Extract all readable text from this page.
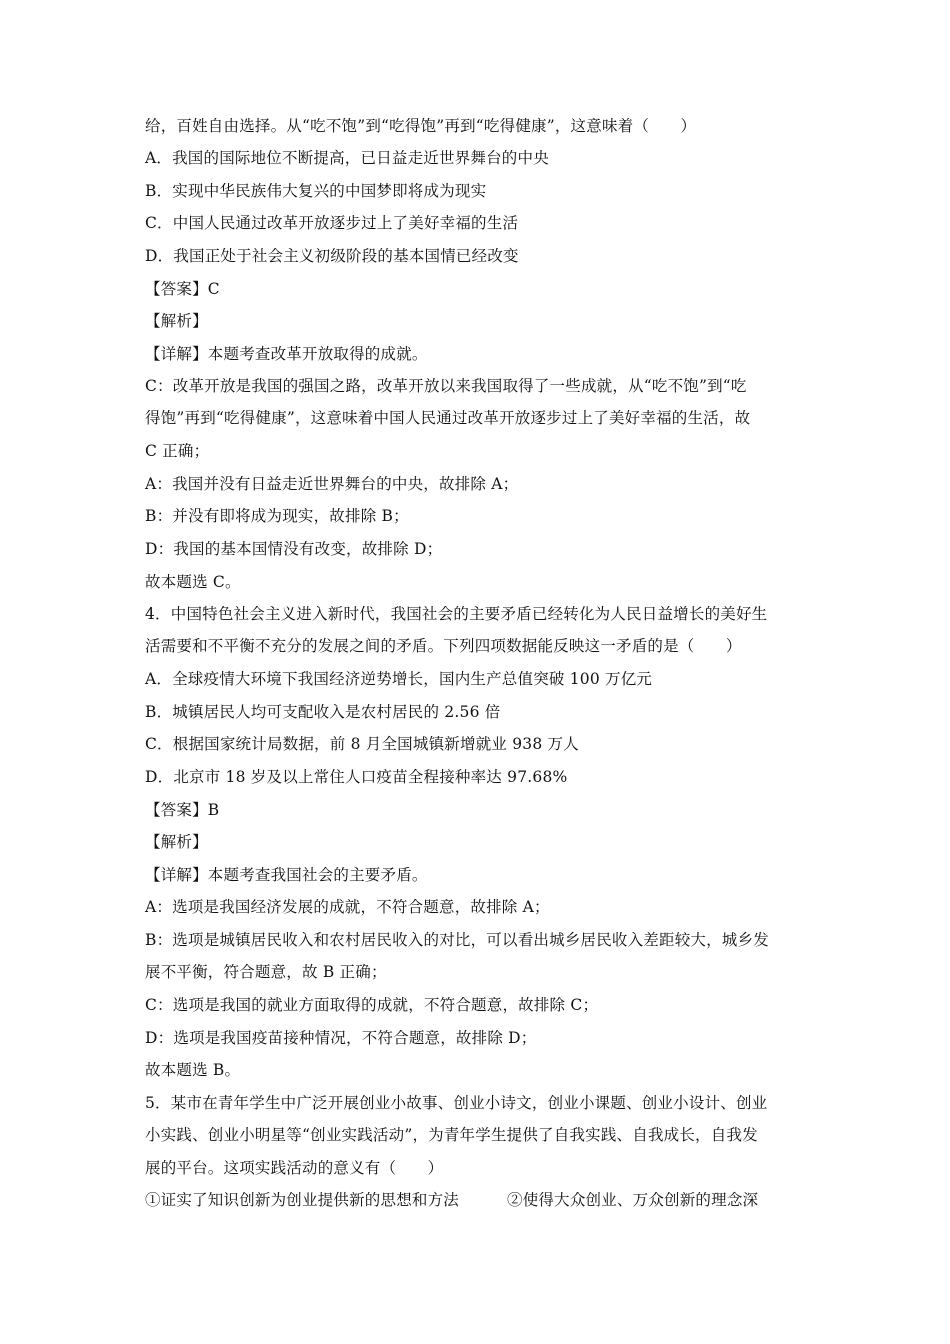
给，百姓自由选择。从“吃不饱”到“吃得饱”再到“吃得健康”，这意味着（　　）
A．我国的国际地位不断提高，已日益走近世界舞台的中央
B．实现中华民族伟大复兴的中国梦即将成为现实
C．中国人民通过改革开放逐步过上了美好幸福的生活
D．我国正处于社会主义初级阶段的基本国情已经改变
【答案】C
【解析】
【详解】本题考查改革开放取得的成就。
C：改革开放是我国的强国之路，改革开放以来我国取得了一些成就，从“吃不饱”到“吃
得饱”再到“吃得健康”，这意味着中国人民通过改革开放逐步过上了美好幸福的生活，故
C 正确；
A：我国并没有日益走近世界舞台的中央，故排除 A；
B：并没有即将成为现实，故排除 B；
D：我国的基本国情没有改变，故排除 D；
故本题选 C。
4．中国特色社会主义进入新时代，我国社会的主要矛盾已经转化为人民日益增长的美好生
活需要和不平衡不充分的发展之间的矛盾。下列四项数据能反映这一矛盾的是（　　）
A．全球疫情大环境下我国经济逆势增长，国内生产总值突破 100 万亿元
B．城镇居民人均可支配收入是农村居民的 2.56 倍
C．根据国家统计局数据，前 8 月全国城镇新增就业 938 万人
D．北京市 18 岁及以上常住人口疫苗全程接种率达 97.68%
【答案】B
【解析】
【详解】本题考查我国社会的主要矛盾。
A：选项是我国经济发展的成就，不符合题意，故排除 A；
B：选项是城镇居民收入和农村居民收入的对比，可以看出城乡居民收入差距较大，城乡发
展不平衡，符合题意，故 B 正确；
C：选项是我国的就业方面取得的成就，不符合题意，故排除 C；
D：选项是我国疫苗接种情况，不符合题意，故排除 D；
故本题选 B。
5．某市在青年学生中广泛开展创业小故事、创业小诗文，创业小课题、创业小设计、创业
小实践、创业小明星等“创业实践活动”，为青年学生提供了自我实践、自我成长，自我发
展的平台。这项实践活动的意义有（　　）
①证实了知识创新为创业提供新的思想和方法	②使得大众创业、万众创新的理念深
